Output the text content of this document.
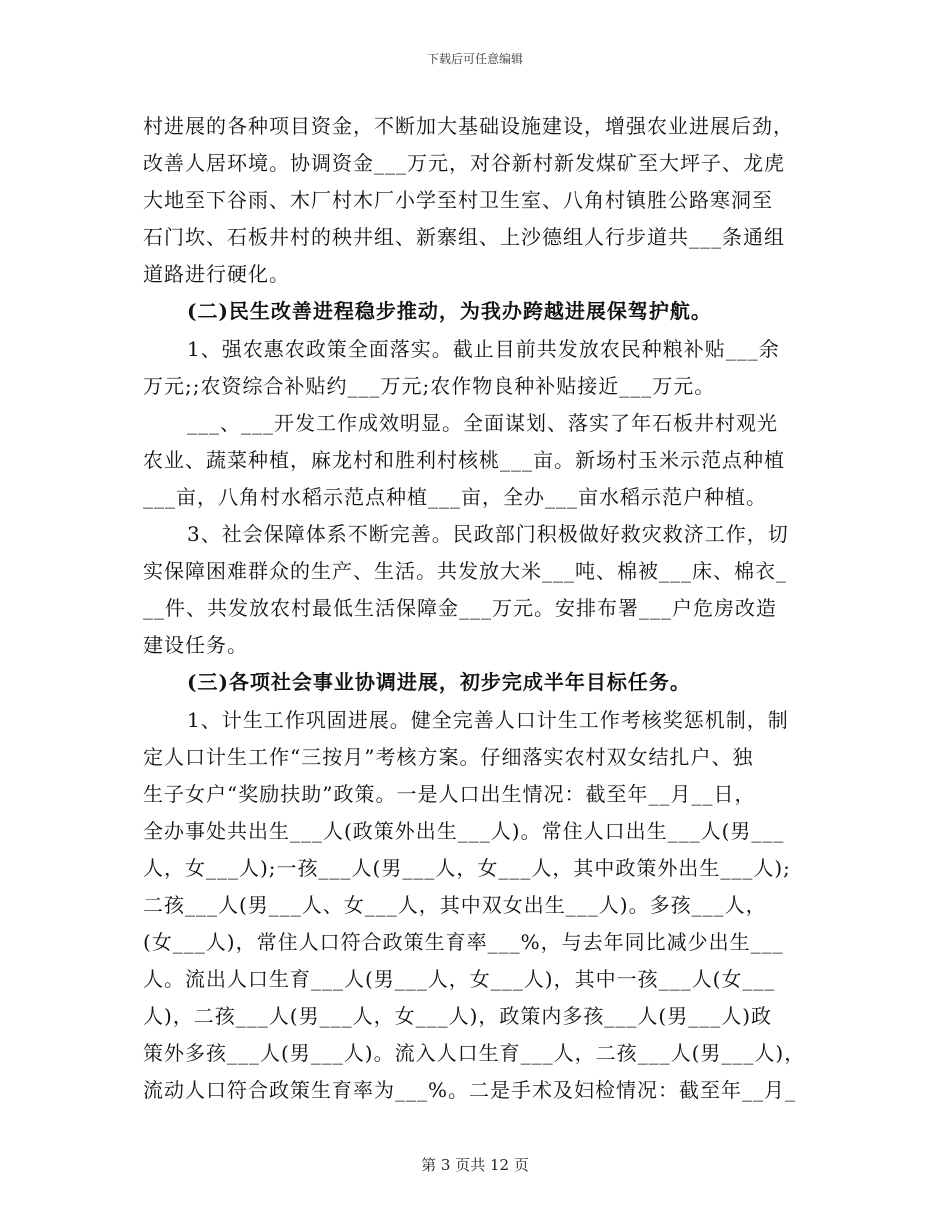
下载后可任意编辑
村进展的各种项目资金，不断加大基础设施建设，增强农业进展后劲，
改善人居环境。协调资金___万元，对谷新村新发煤矿至大坪子、龙虎
大地至下谷雨、木厂村木厂小学至村卫生室、八角村镇胜公路寒洞至
石门坎、石板井村的秧井组、新寨组、上沙德组人行步道共___条通组
道路进行硬化。
(二)民生改善进程稳步推动，为我办跨越进展保驾护航。
1、强农惠农政策全面落实。截止目前共发放农民种粮补贴___余
万元;;农资综合补贴约___万元;农作物良种补贴接近___万元。
___、___开发工作成效明显。全面谋划、落实了年石板井村观光
农业、蔬菜种植，麻龙村和胜利村核桃___亩。新场村玉米示范点种植
___亩，八角村水稻示范点种植___亩，全办___亩水稻示范户种植。
3、社会保障体系不断完善。民政部门积极做好救灾救济工作，切
实保障困难群众的生产、生活。共发放大米___吨、棉被___床、棉衣_
__件、共发放农村最低生活保障金___万元。安排布署___户危房改造
建设任务。
(三)各项社会事业协调进展，初步完成半年目标任务。
1、计生工作巩固进展。健全完善人口计生工作考核奖惩机制，制
定人口计生工作“三按月”考核方案。仔细落实农村双女结扎户、独
生子女户“奖励扶助”政策。一是人口出生情况：截至年__月__日，
全办事处共出生___人(政策外出生___人)。常住人口出生___人(男___
人，女___人);一孩___人(男___人，女___人，其中政策外出生___人);
二孩___人(男___人、女___人，其中双女出生___人)。多孩___人，
(女___人)，常住人口符合政策生育率___%，与去年同比减少出生___
人。流出人口生育___人(男___人，女___人)，其中一孩___人(女___
人)，二孩___人(男___人，女___人)，政策内多孩___人(男___人)政
策外多孩___人(男___人)。流入人口生育___人，二孩___人(男___人)，
流动人口符合政策生育率为___%。二是手术及妇检情况：截至年__月_
第 3 页共 12 页
